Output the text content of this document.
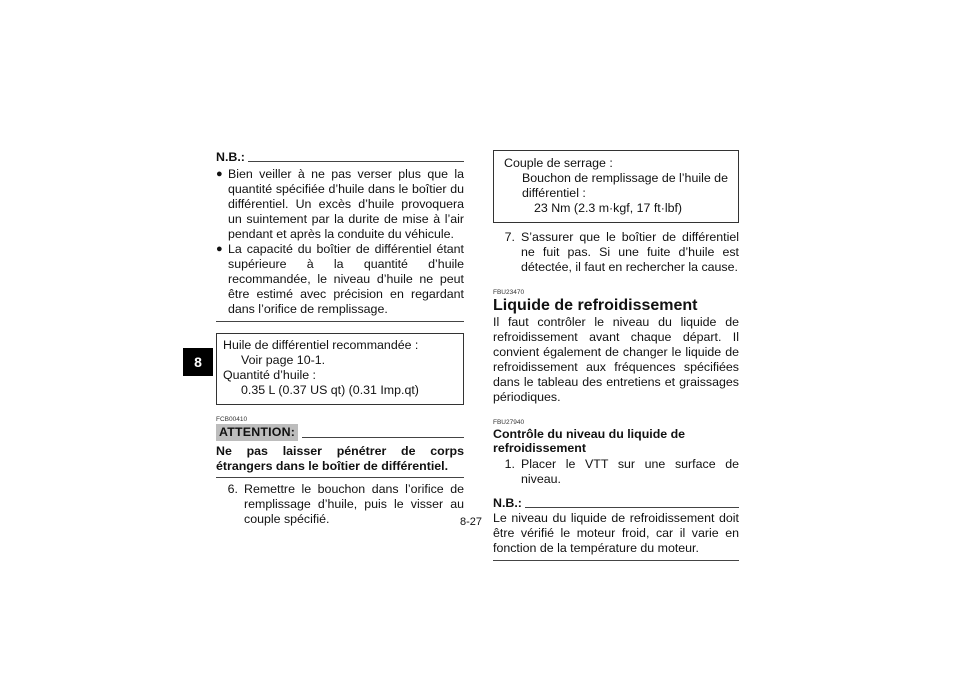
8
N.B.:
● Bien veiller à ne pas verser plus que la quantité spécifiée d’huile dans le boîtier du différentiel. Un excès d’huile provoquera un suintement par la durite de mise à l’air pendant et après la conduite du véhicule.
● La capacité du boîtier de différentiel étant supérieure à la quantité d’huile recommandée, le niveau d’huile ne peut être estimé avec précision en regardant dans l’orifice de remplissage.
Huile de différentiel recommandée :
Voir page 10-1.
Quantité d’huile :
0.35 L (0.37 US qt) (0.31 Imp.qt)
FCB00410
ATTENTION:
Ne pas laisser pénétrer de corps étrangers dans le boîtier de différentiel.
6. Remettre le bouchon dans l’orifice de remplissage d’huile, puis le visser au couple spécifié.
Couple de serrage :
Bouchon de remplissage de l’huile de
différentiel :
23 Nm (2.3 m·kgf, 17 ft·lbf)
7. S’assurer que le boîtier de différentiel ne fuit pas. Si une fuite d’huile est détectée, il faut en rechercher la cause.
FBU23470
Liquide de refroidissement
Il faut contrôler le niveau du liquide de refroidissement avant chaque départ. Il convient également de changer le liquide de refroidissement aux fréquences spécifiées dans le tableau des entretiens et graissages périodiques.
FBU27940
Contrôle du niveau du liquide de refroidissement
1. Placer le VTT sur une surface de niveau.
N.B.:
Le niveau du liquide de refroidissement doit être vérifié le moteur froid, car il varie en fonction de la température du moteur.
8-27
